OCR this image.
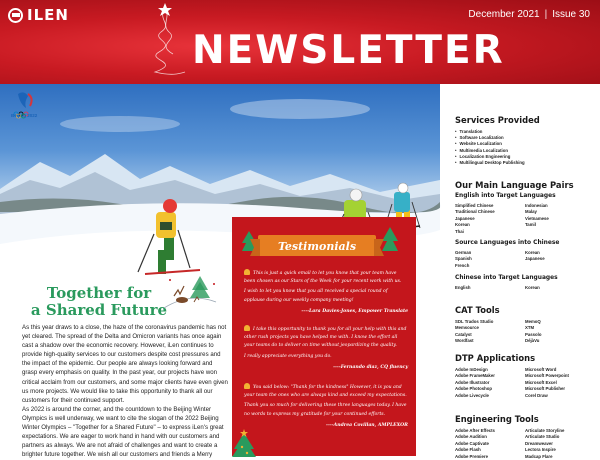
ILEN	December 2021 | Issue 30
NEWSLETTER
Beijing 2022
Together for
a Shared Future

As this year draws to a close, the haze of the coronavirus pandemic has not yet cleared. The spread of the Delta and Omicron variants has once again cast a shadow over the economic recovery. However, iLen continues to provide high-quality services to our customers despite cost pressures and the impact of the epidemic. Our people are always looking forward and grasp every emphasis on quality. In the past year, our projects have won critical acclaim from our customers, and some major clients have even given us more projects. We would like to take this opportunity to thank all our customers for their continued support.

As 2022 is around the corner, and the countdown to the Beijing Winter Olympics is well underway, we want to cite the slogan of the 2022 Beijing Winter Olympics – "Together for a Shared Future" – to express iLen's great expectations. We are eager to work hand in hand with our customers and partners as always. We are not afraid of challenges and want to create a brighter future together. We wish all our customers and friends a Merry

Testimonials
This is just a quick email to let you know that your team have been chosen as our Stars of the Week for your recent work with us.
I wish to let you know that you all received a special round of applause during our weekly company meeting!
----Lara Davies-Jones, Empower Translate
I take this opportunity to thank you for all your help with this and other rush projects you have helped me with. I know the effort all your teams do to deliver on time without jeopardizing the quality.
I really appreciate everything you do.
----Fernando diaz, CQ fluency
You said below: "Thank for the kindness" However, it is you and your team the ones who are always kind and exceed my expectations.
Thank you so much for delivering these three languages today. I have no words to express my gratitude for your continued efforts.
----Andrea Covillan, AMPLEXOR
Services Provided
• Translation
• Software Localization
• Website Localization
• Multimedia Localization
• Localization Engineering
• Multilingual Desktop Publishing
Our Main Language Pairs
English into Target Languages
Simplified Chinese	Indonesian
Traditional Chinese	Malay
Japanese	Vietnamese
Korean	Tamil
Thai
Source Languages into Chinese
German	Korean
Spanish	Japanese
French
Chinese into Target Languages
English	Korean
CAT Tools
SDL Trados Studio	MemoQ
Memsource	XTM
Catalyst	Passolo
Wordfast	DéjàVu
DTP Applications
Adobe InDesign	Microsoft Word
Adobe FrameMaker	Microsoft Powerpoint
Adobe Illustrator	Microsoft Excel
Adobe Photoshop	Microsoft Publisher
Adobe Livecycle	Corel Draw
Engineering Tools
Adobe After Effects	Articulate Storyline
Adobe Audition	Articulate Studio
Adobe Captivate	Dreamweaver
Adobe Flash	Lectora Inspire
Adobe Premiere	Madcap Flare
